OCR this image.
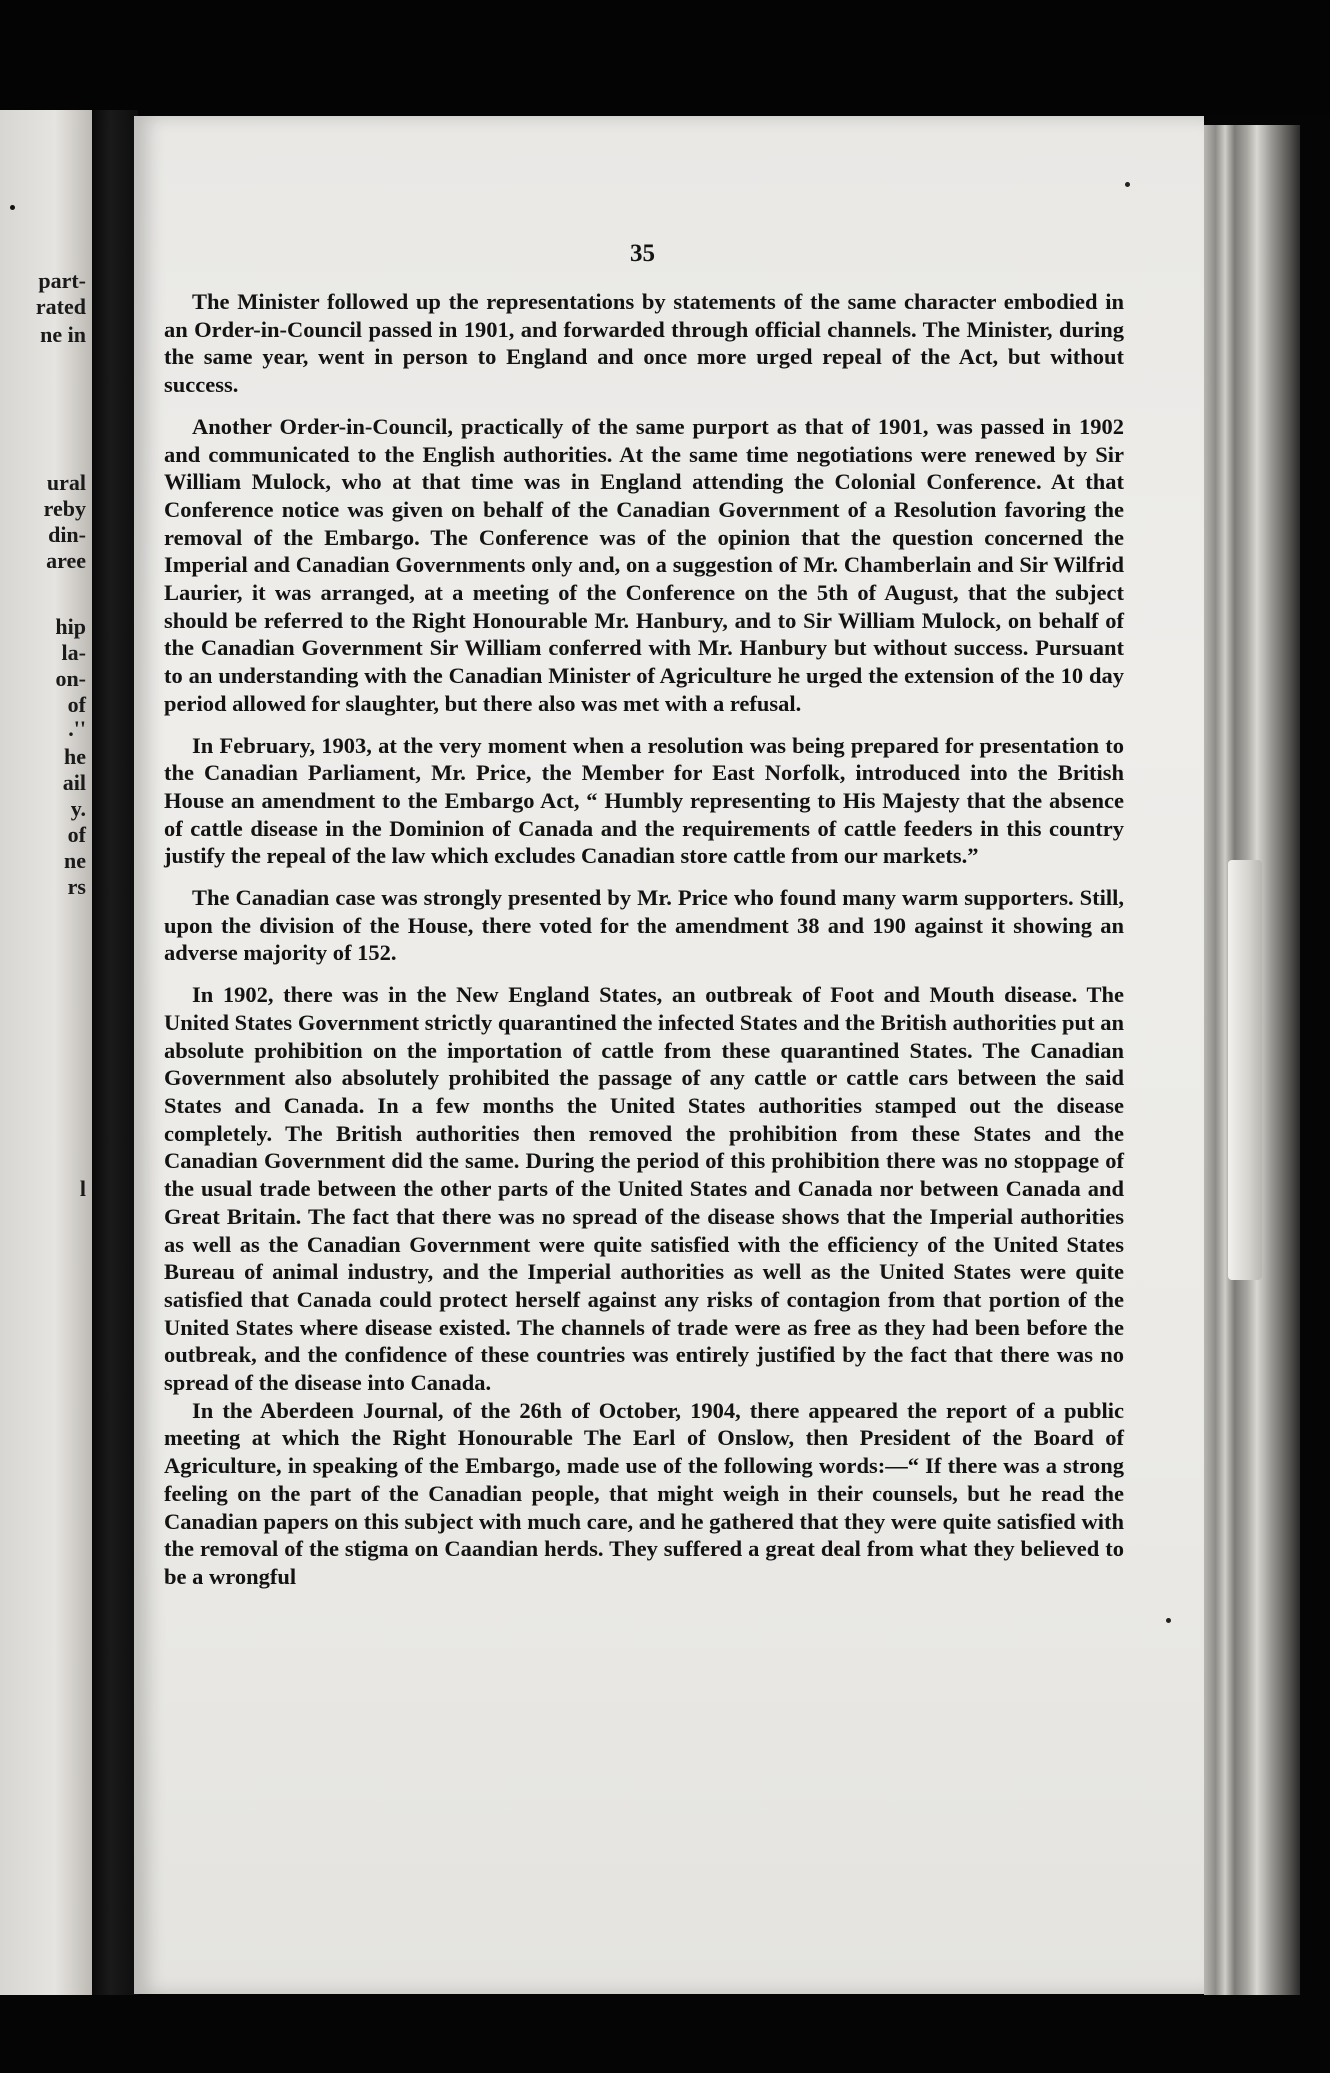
part-
rated
ne in
ural
reby
din-
aree
hip
la-
on-
of
.''
he
ail
y.
of
ne
rs
l
35

The Minister followed up the representations by statements of the same character embodied in an Order-in-Council passed in 1901, and forwarded through official channels. The Minister, during the same year, went in person to England and once more urged repeal of the Act, but without success.

Another Order-in-Council, practically of the same purport as that of 1901, was passed in 1902 and communicated to the English authorities. At the same time negotiations were renewed by Sir William Mulock, who at that time was in England attending the Colonial Conference. At that Conference notice was given on behalf of the Canadian Government of a Resolution favoring the removal of the Embargo. The Conference was of the opinion that the question concerned the Imperial and Canadian Governments only and, on a suggestion of Mr. Chamberlain and Sir Wilfrid Laurier, it was arranged, at a meeting of the Conference on the 5th of August, that the subject should be referred to the Right Honourable Mr. Hanbury, and to Sir William Mulock, on behalf of the Canadian Government Sir William conferred with Mr. Hanbury but without success. Pursuant to an understanding with the Canadian Minister of Agriculture he urged the extension of the 10 day period allowed for slaughter, but there also was met with a refusal.

In February, 1903, at the very moment when a resolution was being prepared for presentation to the Canadian Parliament, Mr. Price, the Member for East Norfolk, introduced into the British House an amendment to the Embargo Act, “ Humbly representing to His Majesty that the absence of cattle disease in the Dominion of Canada and the requirements of cattle feeders in this country justify the repeal of the law which excludes Canadian store cattle from our markets.”

The Canadian case was strongly presented by Mr. Price who found many warm supporters. Still, upon the division of the House, there voted for the amendment 38 and 190 against it showing an adverse majority of 152.

In 1902, there was in the New England States, an outbreak of Foot and Mouth disease. The United States Government strictly quarantined the infected States and the British authorities put an absolute prohibition on the importation of cattle from these quarantined States. The Canadian Government also absolutely prohibited the passage of any cattle or cattle cars between the said States and Canada. In a few months the United States authorities stamped out the disease completely. The British authorities then removed the prohibition from these States and the Canadian Government did the same. During the period of this prohibition there was no stoppage of the usual trade between the other parts of the United States and Canada nor between Canada and Great Britain. The fact that there was no spread of the disease shows that the Imperial authorities as well as the Canadian Government were quite satisfied with the efficiency of the United States Bureau of animal industry, and the Imperial authorities as well as the United States were quite satisfied that Canada could protect herself against any risks of contagion from that portion of the United States where disease existed. The channels of trade were as free as they had been before the outbreak, and the confidence of these countries was entirely justified by the fact that there was no spread of the disease into Canada.

In the Aberdeen Journal, of the 26th of October, 1904, there appeared the report of a public meeting at which the Right Honourable The Earl of Onslow, then President of the Board of Agriculture, in speaking of the Embargo, made use of the following words:—“ If there was a strong feeling on the part of the Canadian people, that might weigh in their counsels, but he read the Canadian papers on this subject with much care, and he gathered that they were quite satisfied with the removal of the stigma on Caandian herds. They suffered a great deal from what they believed to be a wrongful
